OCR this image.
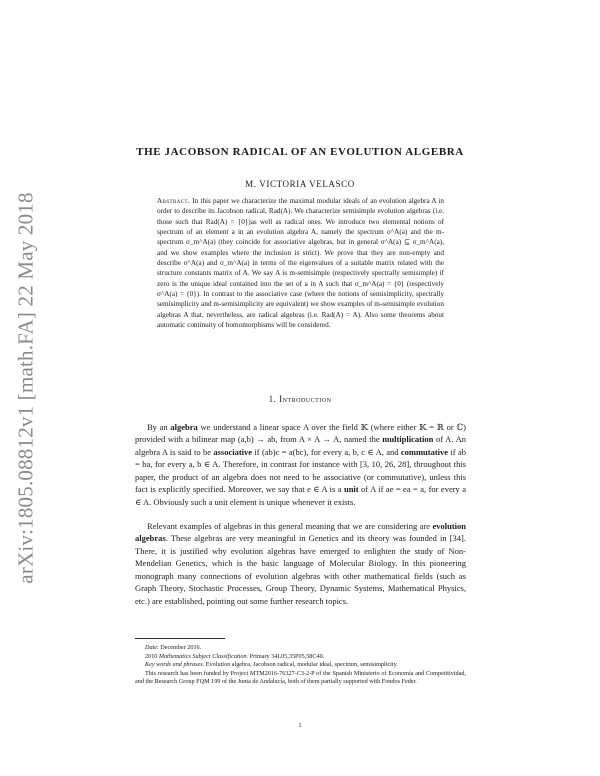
arXiv:1805.08812v1 [math.FA] 22 May 2018
THE JACOBSON RADICAL OF AN EVOLUTION ALGEBRA
M. VICTORIA VELASCO
Abstract. In this paper we characterize the maximal modular ideals of an evolution algebra A in order to describe its Jacobson radical, Rad(A). We characterize semisimple evolution algebras (i.e. those such that Rad(A) = {0})as well as radical ones. We introduce two elemental notions of spectrum of an element a in an evolution algebra A, namely the spectrum σ^A(a) and the m-spectrum σ_m^A(a) (they coincide for associative algebras, but in general σ^A(a) ⊆ σ_m^A(a), and we show examples where the inclusion is strict). We prove that they are non-empty and describe σ^A(a) and σ_m^A(a) in terms of the eigenvalues of a suitable matrix related with the structure constants matrix of A. We say A is m-semisimple (respectively spectrally semisimple) if zero is the unique ideal contained into the set of a in A such that σ_m^A(a) = {0} (respectively σ^A(a) = {0}). In contrast to the associative case (where the notions of semisimplicity, spectrally semisimplicity and m-semisimplicity are equivalent) we show examples of m-semisimple evolution algebras A that, nevertheless, are radical algebras (i.e. Rad(A) = A). Also some theorems about automatic continuity of homomorphisms will be considered.
1. Introduction
By an algebra we understand a linear space A over the field 𝕂 (where either 𝕂 = ℝ or ℂ) provided with a bilinear map (a,b) → ab, from A × A → A, named the multiplication of A. An algebra A is said to be associative if (ab)c = a(bc), for every a, b, c ∈ A, and commutative if ab = ba, for every a, b ∈ A. Therefore, in contrast for instance with [3, 10, 26, 28], throughout this paper, the product of an algebra does not need to be associative (or commutative), unless this fact is explicitly specified. Moreover, we say that e ∈ A is a unit of A if ae = ea = a, for every a ∈ A. Obviously such a unit element is unique whenever it exists.
Relevant examples of algebras in this general meaning that we are considering are evolution algebras. These algebras are very meaningful in Genetics and its theory was founded in [34]. There, it is justified why evolution algebras have emerged to enlighten the study of Non-Mendelian Genetics, which is the basic language of Molecular Biology. In this pioneering monograph many connections of evolution algebras with other mathematical fields (such as Graph Theory, Stochastic Processes, Group Theory, Dynamic Systems, Mathematical Physics, etc.) are established, pointing out some further research topics.

Date: December 2016.

2010 Mathematics Subject Classification. Primary 34L05,35P05,58C40.

Key words and phrases. Evolution algebra, Jacobson radical, modular ideal, spectrum, semisimplicity.

This research has been funded by Project MTM2016-76327-C3-2-P of the Spanish Ministerio of Economía and Competitividad, and the Research Group FQM 199 of the Junta de Andalucía, both of them partially supported with Fondos Feder.

1
